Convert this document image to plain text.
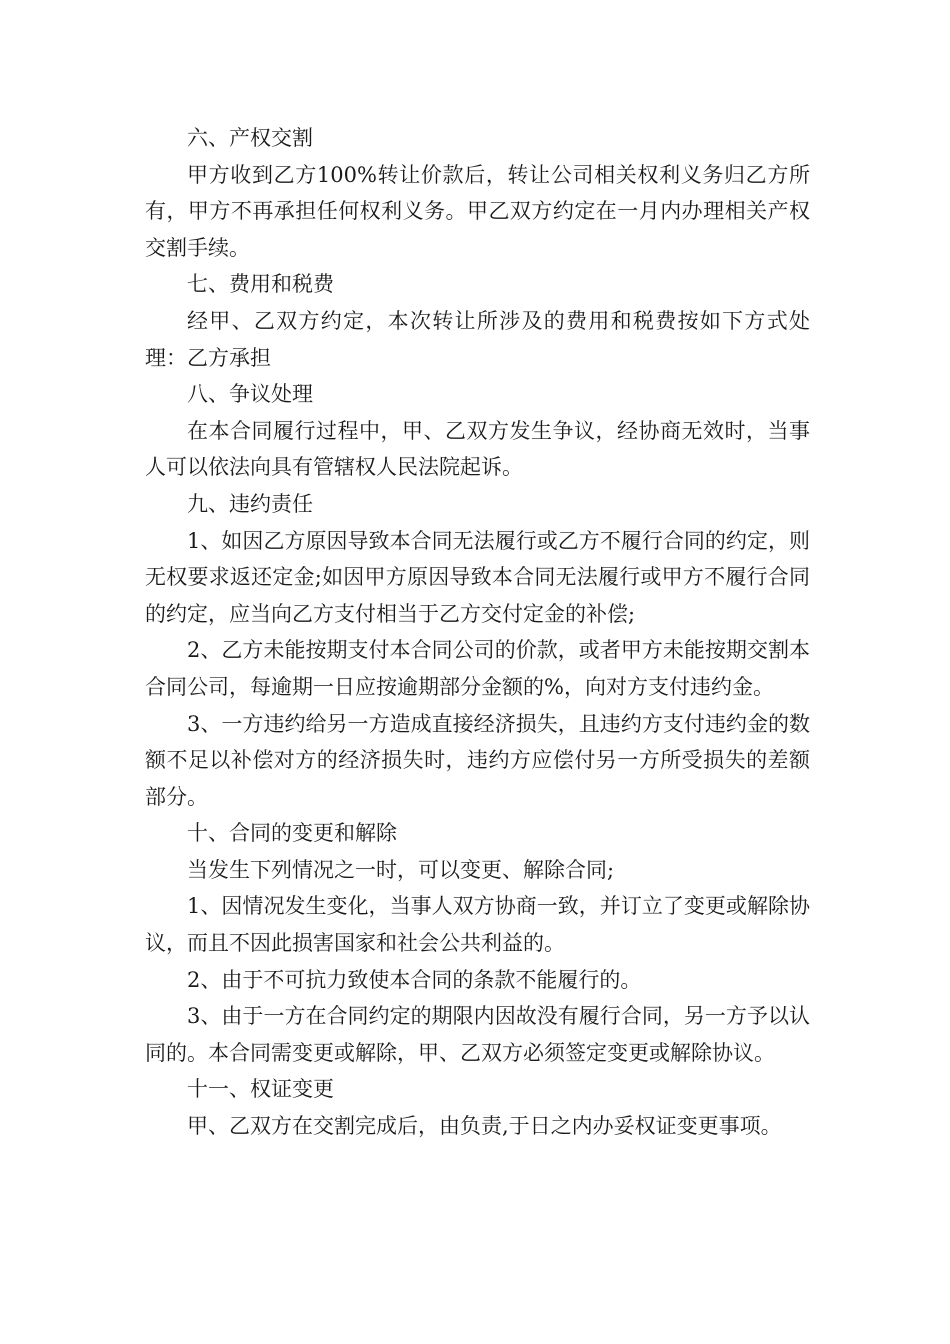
六、产权交割

甲方收到乙方100%转让价款后，转让公司相关权利义务归乙方所有，甲方不再承担任何权利义务。甲乙双方约定在一月内办理相关产权交割手续。

七、费用和税费

经甲、乙双方约定，本次转让所涉及的费用和税费按如下方式处理：乙方承担

八、争议处理

在本合同履行过程中，甲、乙双方发生争议，经协商无效时，当事人可以依法向具有管辖权人民法院起诉。

九、违约责任

1、如因乙方原因导致本合同无法履行或乙方不履行合同的约定，则无权要求返还定金;如因甲方原因导致本合同无法履行或甲方不履行合同的约定，应当向乙方支付相当于乙方交付定金的补偿;

2、乙方未能按期支付本合同公司的价款，或者甲方未能按期交割本合同公司，每逾期一日应按逾期部分金额的%，向对方支付违约金。

3、一方违约给另一方造成直接经济损失，且违约方支付违约金的数额不足以补偿对方的经济损失时，违约方应偿付另一方所受损失的差额部分。

十、合同的变更和解除

当发生下列情况之一时，可以变更、解除合同;

1、因情况发生变化，当事人双方协商一致，并订立了变更或解除协议，而且不因此损害国家和社会公共利益的。

2、由于不可抗力致使本合同的条款不能履行的。

3、由于一方在合同约定的期限内因故没有履行合同，另一方予以认同的。本合同需变更或解除，甲、乙双方必须签定变更或解除协议。

十一、权证变更

甲、乙双方在交割完成后，由负责,于日之内办妥权证变更事项。
